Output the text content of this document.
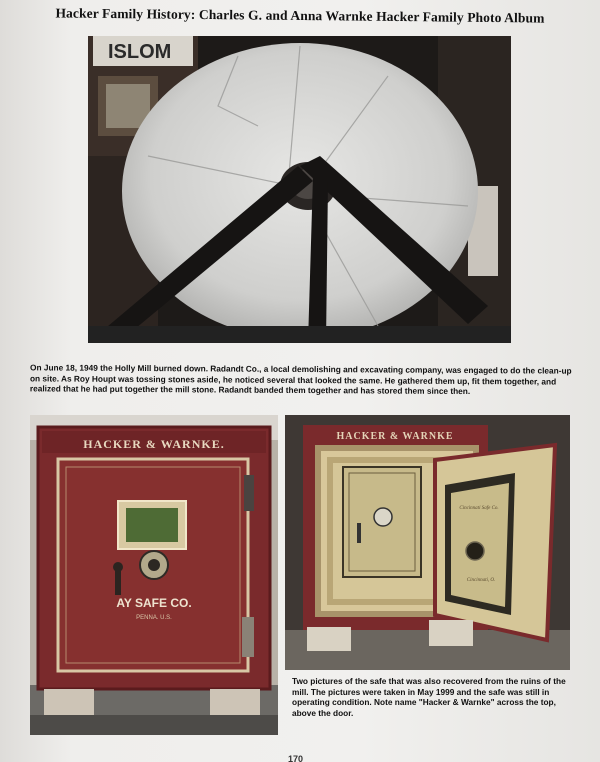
Hacker Family History: Charles G. and Anna Warnke Hacker Family Photo Album
ISLOM
On June 18, 1949 the Holly Mill burned down. Radandt Co., a local demolishing and excavating company, was engaged to do the clean-up on site. As Roy Houpt was tossing stones aside, he noticed several that looked the same. He gathered them up, fit them together, and realized that he had put together the mill stone. Radandt banded them together and has stored them since then.
HACKER & WARNKE.
AY SAFE CO.
PENNA. U.S.
HACKER & WARNKE
Cincinnati Safe Co.
Cincinnati, O.
Two pictures of the safe that was also recovered from the ruins of the mill. The pictures were taken in May 1999 and the safe was still in operating condition. Note name "Hacker & Warnke" across the top, above the door.
170
